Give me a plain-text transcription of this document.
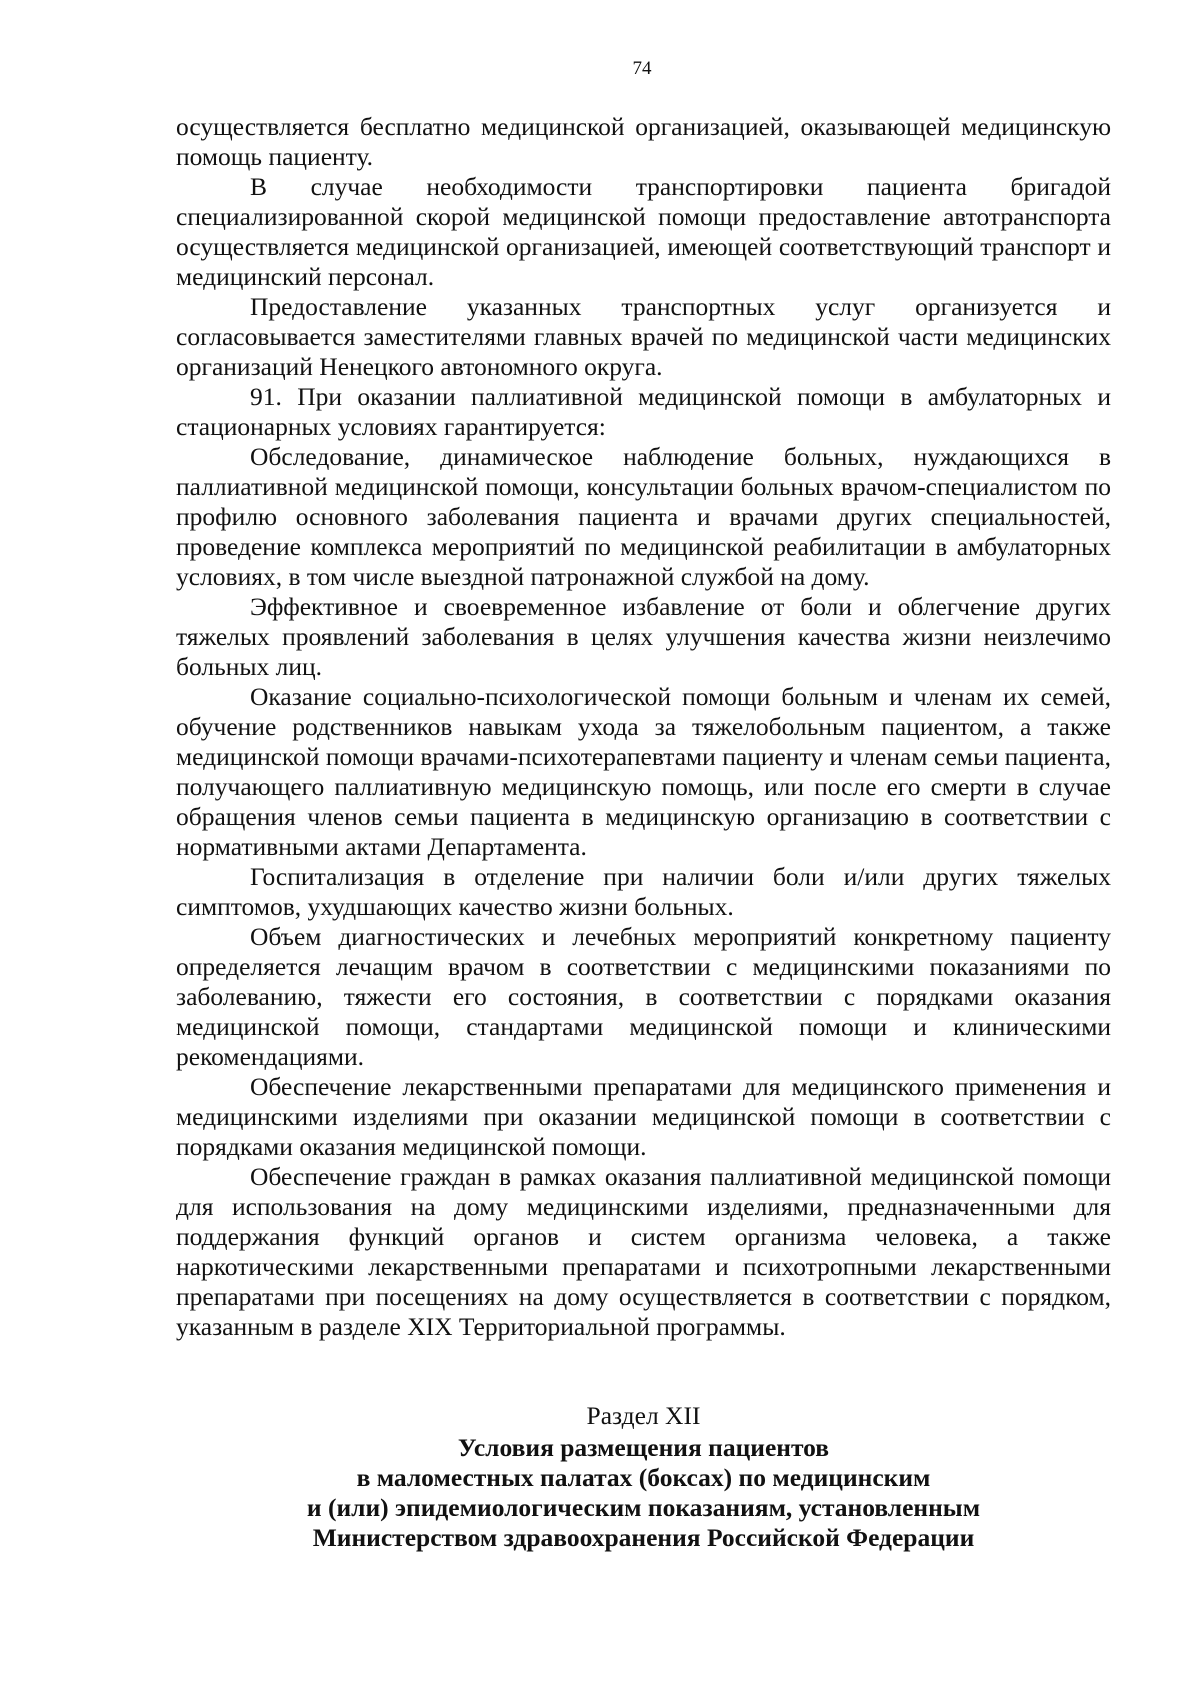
74

осуществляется бесплатно медицинской организацией, оказывающей медицинскую помощь пациенту.

В случае необходимости транспортировки пациента бригадой специализированной скорой медицинской помощи предоставление автотранспорта осуществляется медицинской организацией, имеющей соответствующий транспорт и медицинский персонал.

Предоставление указанных транспортных услуг организуется и согласовывается заместителями главных врачей по медицинской части медицинских организаций Ненецкого автономного округа.

91. При оказании паллиативной медицинской помощи в амбулаторных и стационарных условиях гарантируется:

Обследование, динамическое наблюдение больных, нуждающихся в паллиативной медицинской помощи, консультации больных врачом-специалистом по профилю основного заболевания пациента и врачами других специальностей, проведение комплекса мероприятий по медицинской реабилитации в амбулаторных условиях, в том числе выездной патронажной службой на дому.

Эффективное и своевременное избавление от боли и облегчение других тяжелых проявлений заболевания в целях улучшения качества жизни неизлечимо больных лиц.

Оказание социально-психологической помощи больным и членам их семей, обучение родственников навыкам ухода за тяжелобольным пациентом, а также медицинской помощи врачами-психотерапевтами пациенту и членам семьи пациента, получающего паллиативную медицинскую помощь, или после его смерти в случае обращения членов семьи пациента в медицинскую организацию в соответствии с нормативными актами Департамента.

Госпитализация в отделение при наличии боли и/или других тяжелых симптомов, ухудшающих качество жизни больных.

Объем диагностических и лечебных мероприятий конкретному пациенту определяется лечащим врачом в соответствии с медицинскими показаниями по заболеванию, тяжести его состояния, в соответствии с порядками оказания медицинской помощи, стандартами медицинской помощи и клиническими рекомендациями.

Обеспечение лекарственными препаратами для медицинского применения и медицинскими изделиями при оказании медицинской помощи в соответствии с порядками оказания медицинской помощи.

Обеспечение граждан в рамках оказания паллиативной медицинской помощи для использования на дому медицинскими изделиями, предназначенными для поддержания функций органов и систем организма человека, а также наркотическими лекарственными препаратами и психотропными лекарственными препаратами при посещениях на дому осуществляется в соответствии с порядком, указанным в разделе XIX Территориальной программы.

Раздел XII

Условия размещения пациентов
в маломестных палатах (боксах) по медицинским
и (или) эпидемиологическим показаниям, установленным
Министерством здравоохранения Российской Федерации
